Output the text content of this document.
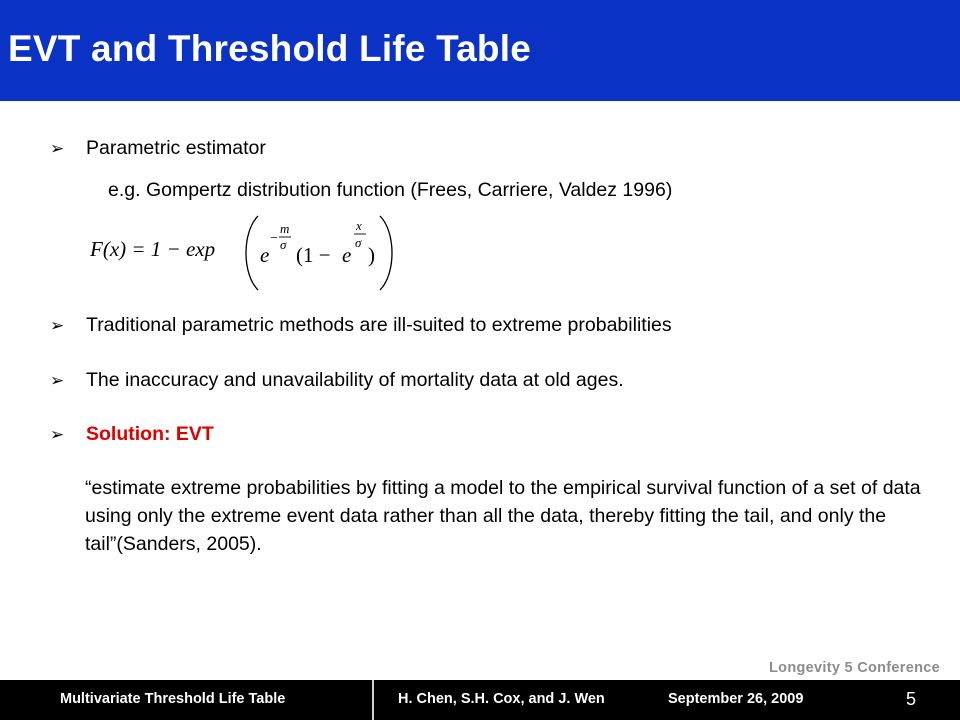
EVT and Threshold Life Table
➢	Parametric estimator
e.g. Gompertz distribution function (Frees, Carriere, Valdez 1996)
F(x) = 1 − exp e
−
m
σ (1 − e
x
σ
)
➢	Traditional parametric methods are ill-suited to extreme probabilities
➢	The inaccuracy and unavailability of mortality data at old ages.
➢	Solution: EVT
“estimate extreme probabilities by fitting a model to the empirical survival function of a set of data using only the extreme event data rather than all the data, thereby fitting the tail, and only the tail”(Sanders, 2005).
Longevity 5 Conference
Multivariate Threshold Life Table	H. Chen, S.H. Cox, and J. Wen	September 26, 2009	5
